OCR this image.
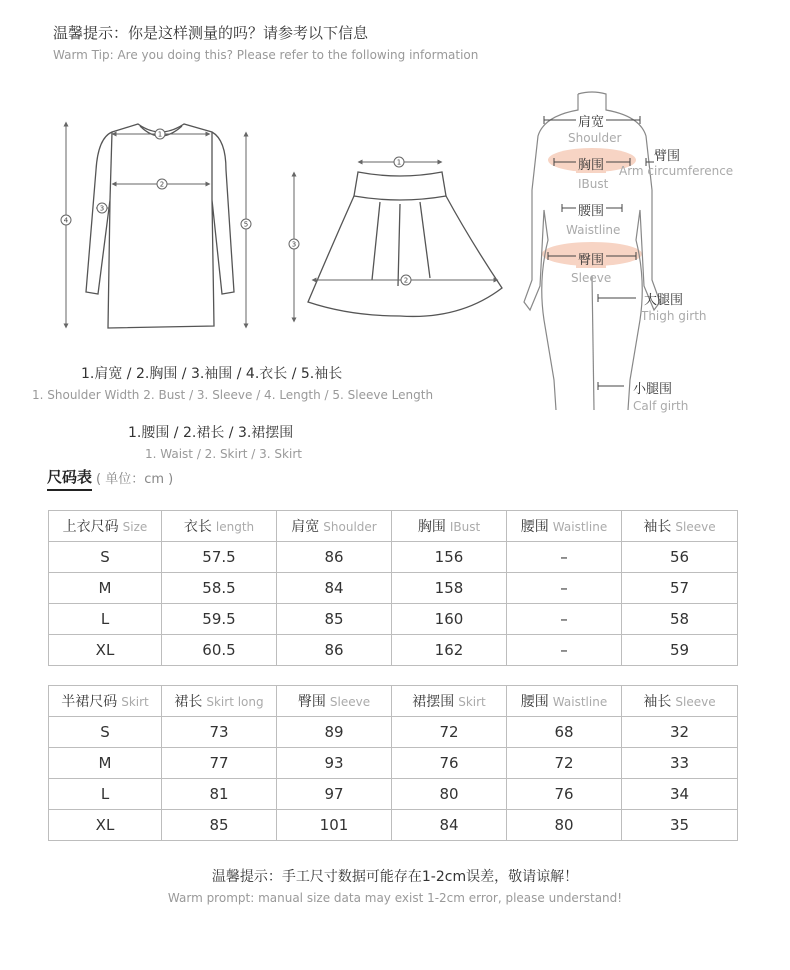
温馨提示：你是这样测量的吗？请参考以下信息
Warm Tip: Are you doing this? Please refer to the following information
1
2
3
4	5
1
2
3
肩宽
Shoulder
胸围
IBust
臂围
Arm circumference
腰围
Waistline
臀围
Sleeve
大腿围
Thigh girth
小腿围
Calf girth
1.肩宽 / 2.胸围 / 3.袖围 / 4.衣长 / 5.袖长
1. Shoulder Width 2. Bust / 3. Sleeve / 4. Length / 5. Sleeve Length
1.腰围 / 2.裙长 / 3.裙摆围
1. Waist / 2. Skirt / 3. Skirt
尺码表 ( 单位：cm )
上衣尺码 Size	衣长 length	肩宽 Shoulder	胸围 IBust	腰围 Waistline	袖长 Sleeve
S	57.5	86	156	–	56
M	58.5	84	158	–	57
L	59.5	85	160	–	58
XL	60.5	86	162	–	59
半裙尺码 Skirt	裙长 Skirt long	臀围 Sleeve	裙摆围 Skirt	腰围 Waistline	袖长 Sleeve
S	73	89	72	68	32
M	77	93	76	72	33
L	81	97	80	76	34
XL	85	101	84	80	35
温馨提示：手工尺寸数据可能存在1-2cm误差，敬请谅解！
Warm prompt: manual size data may exist 1-2cm error, please understand!
